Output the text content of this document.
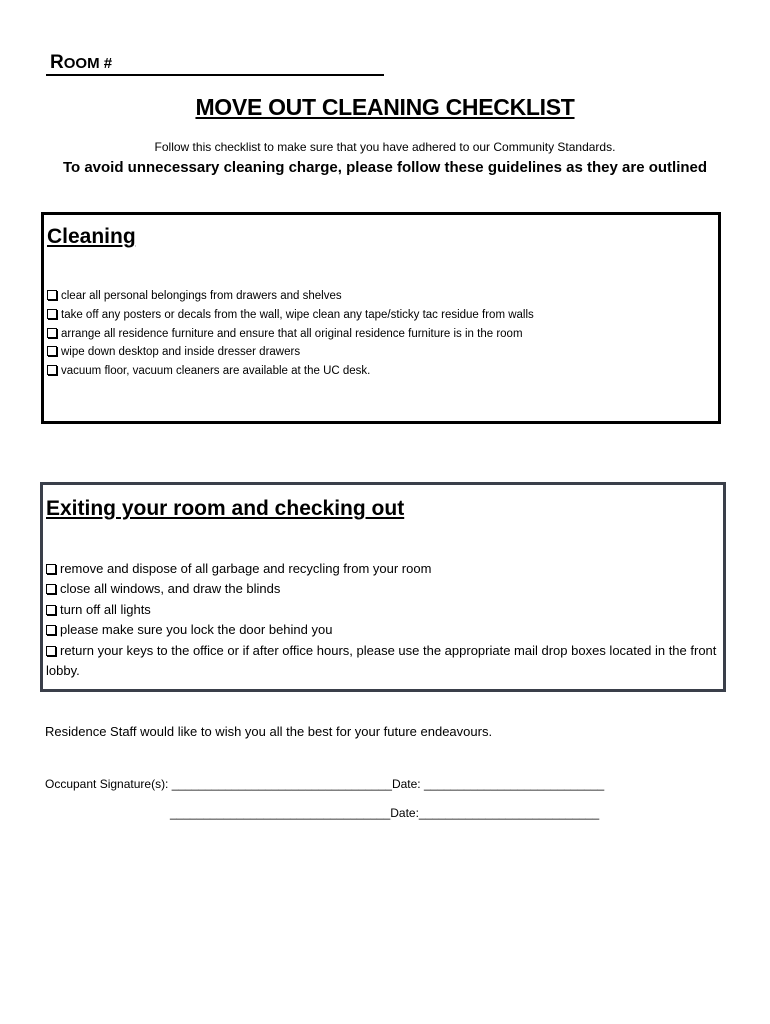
ROOM #
MOVE OUT CLEANING CHECKLIST
Follow this checklist to make sure that you have adhered to our Community Standards.
To avoid unnecessary cleaning charge, please follow these guidelines as they are outlined
Cleaning
clear all personal belongings from drawers and shelves
take off any posters or decals from the wall, wipe clean any tape/sticky tac residue from walls
arrange all residence furniture and ensure that all original residence furniture is in the room
wipe down desktop and inside dresser drawers
vacuum floor, vacuum cleaners are available at the UC desk.
Exiting your room and checking out
remove and dispose of all garbage and recycling from your room
close all windows, and draw the blinds
turn off all lights
please make sure you lock the door behind you
return your keys to the office or if after office hours, please use the appropriate mail drop boxes located in the front lobby.
Residence Staff would like to wish you all the best for your future endeavours.
Occupant Signature(s): _________________________________Date: ___________________________
_________________________________Date:___________________________
